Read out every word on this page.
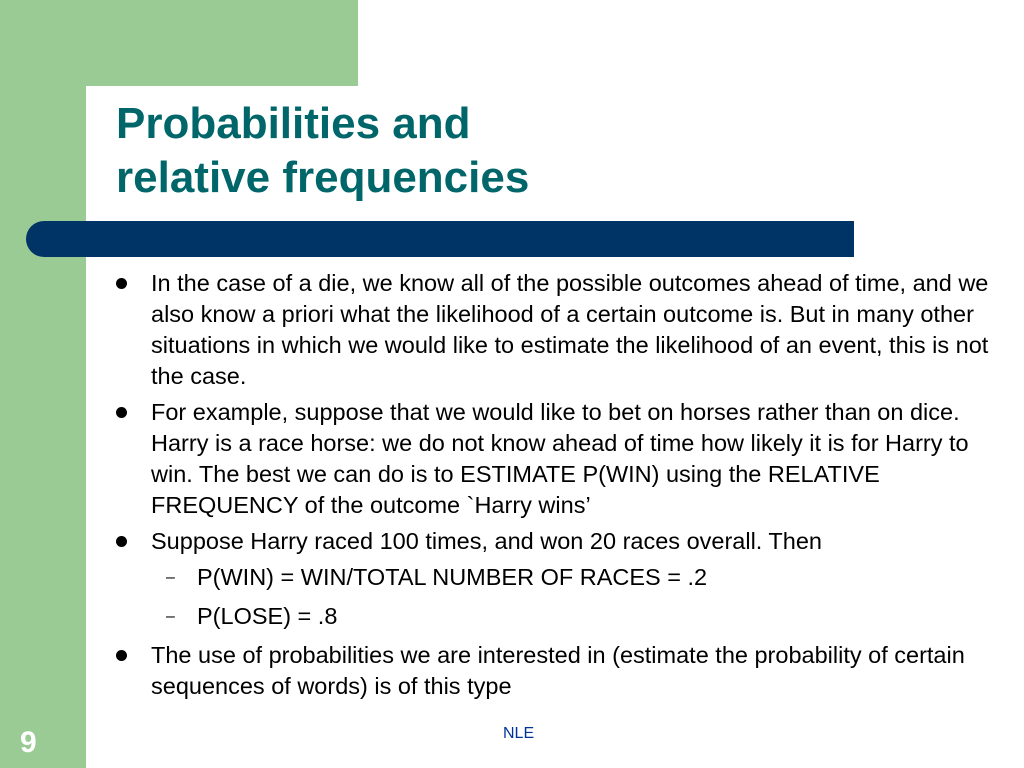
Probabilities and
relative frequencies
In the case of a die, we know all of the possible outcomes ahead of time, and we also know a priori what the likelihood of a certain outcome is. But in many other situations in which we would like to estimate the likelihood of an event, this is not the case.
For example, suppose that we would like to bet on horses rather than on dice. Harry is a race horse: we do not know ahead of time how likely it is for Harry to win. The best we can do is to ESTIMATE P(WIN) using the RELATIVE FREQUENCY of the outcome `Harry wins’
Suppose Harry raced 100 times, and won 20 races overall. Then
– P(WIN) = WIN/TOTAL NUMBER OF RACES = .2
– P(LOSE) = .8
The use of probabilities we are interested in (estimate the probability of certain sequences of words) is of this type
9	NLE
